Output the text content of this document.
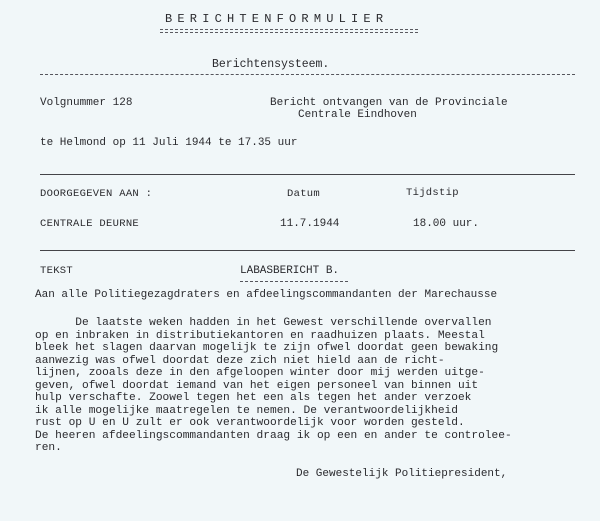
BERICHTENFORMULIER
Berichtensysteem.
Volgnummer 128	Bericht ontvangen van de Provinciale
Centrale Eindhoven
te Helmond op 11 Juli 1944 te 17.35 uur
DOORGEGEVEN AAN :	Datum	Tijdstip
CENTRALE DEURNE	11.7.1944	18.00 uur.
TEKST	LABASBERICHT B.
Aan alle Politiegezagdraters en afdeelingscommandanten der Marechausse
De laatste weken hadden in het Gewest verschillende overvallen
op en inbraken in distributiekantoren en raadhuizen plaats. Meestal
bleek het slagen daarvan mogelijk te zijn ofwel doordat geen bewaking
aanwezig was ofwel doordat deze zich niet hield aan de richt-
lijnen, zooals deze in den afgeloopen winter door mij werden uitge-
geven, ofwel doordat iemand van het eigen personeel van binnen uit
hulp verschafte. Zoowel tegen het een als tegen het ander verzoek
ik alle mogelijke maatregelen te nemen. De verantwoordelijkheid
rust op U en U zult er ook verantwoordelijk voor worden gesteld.
De heeren afdeelingscommandanten draag ik op een en ander te controlee-
ren.
De Gewestelijk Politiepresident,
